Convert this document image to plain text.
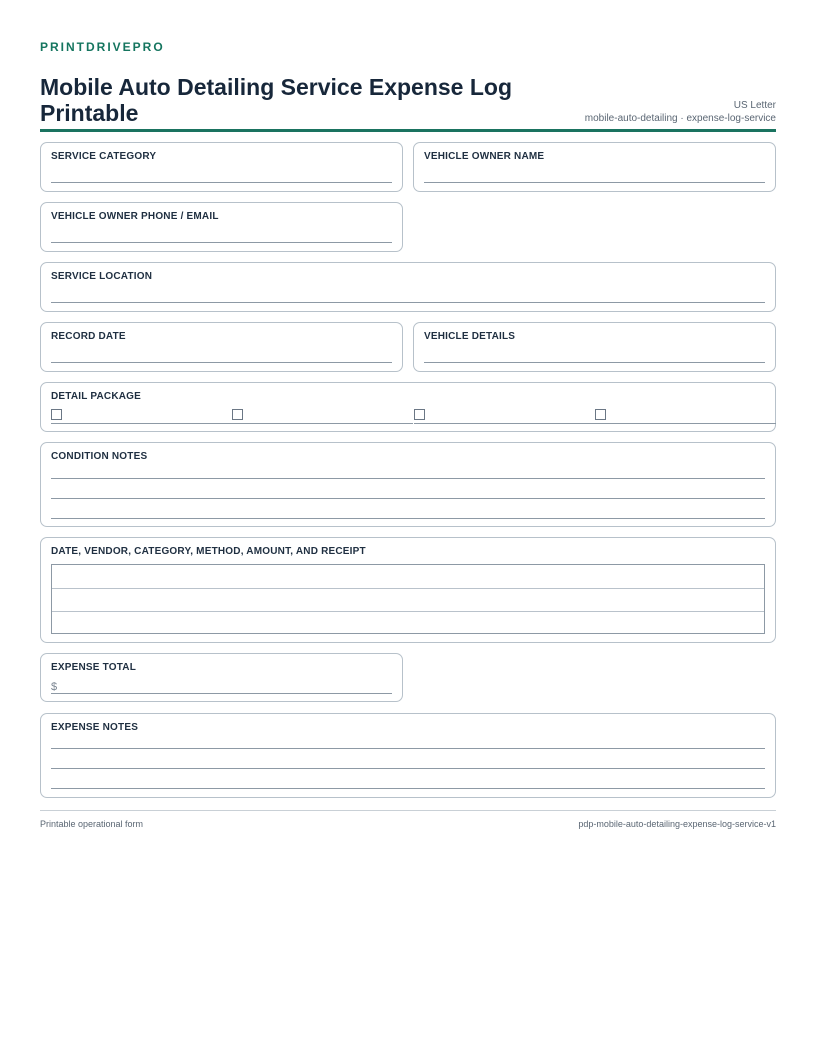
PRINTDRIVEPRO
Mobile Auto Detailing Service Expense Log Printable	US Letter
mobile-auto-detailing · expense-log-service
SERVICE CATEGORY	VEHICLE OWNER NAME
VEHICLE OWNER PHONE / EMAIL
SERVICE LOCATION
RECORD DATE	VEHICLE DETAILS
DETAIL PACKAGE
CONDITION NOTES
DATE, VENDOR, CATEGORY, METHOD, AMOUNT, AND RECEIPT
EXPENSE TOTAL
$
EXPENSE NOTES
Printable operational form	pdp-mobile-auto-detailing-expense-log-service-v1
